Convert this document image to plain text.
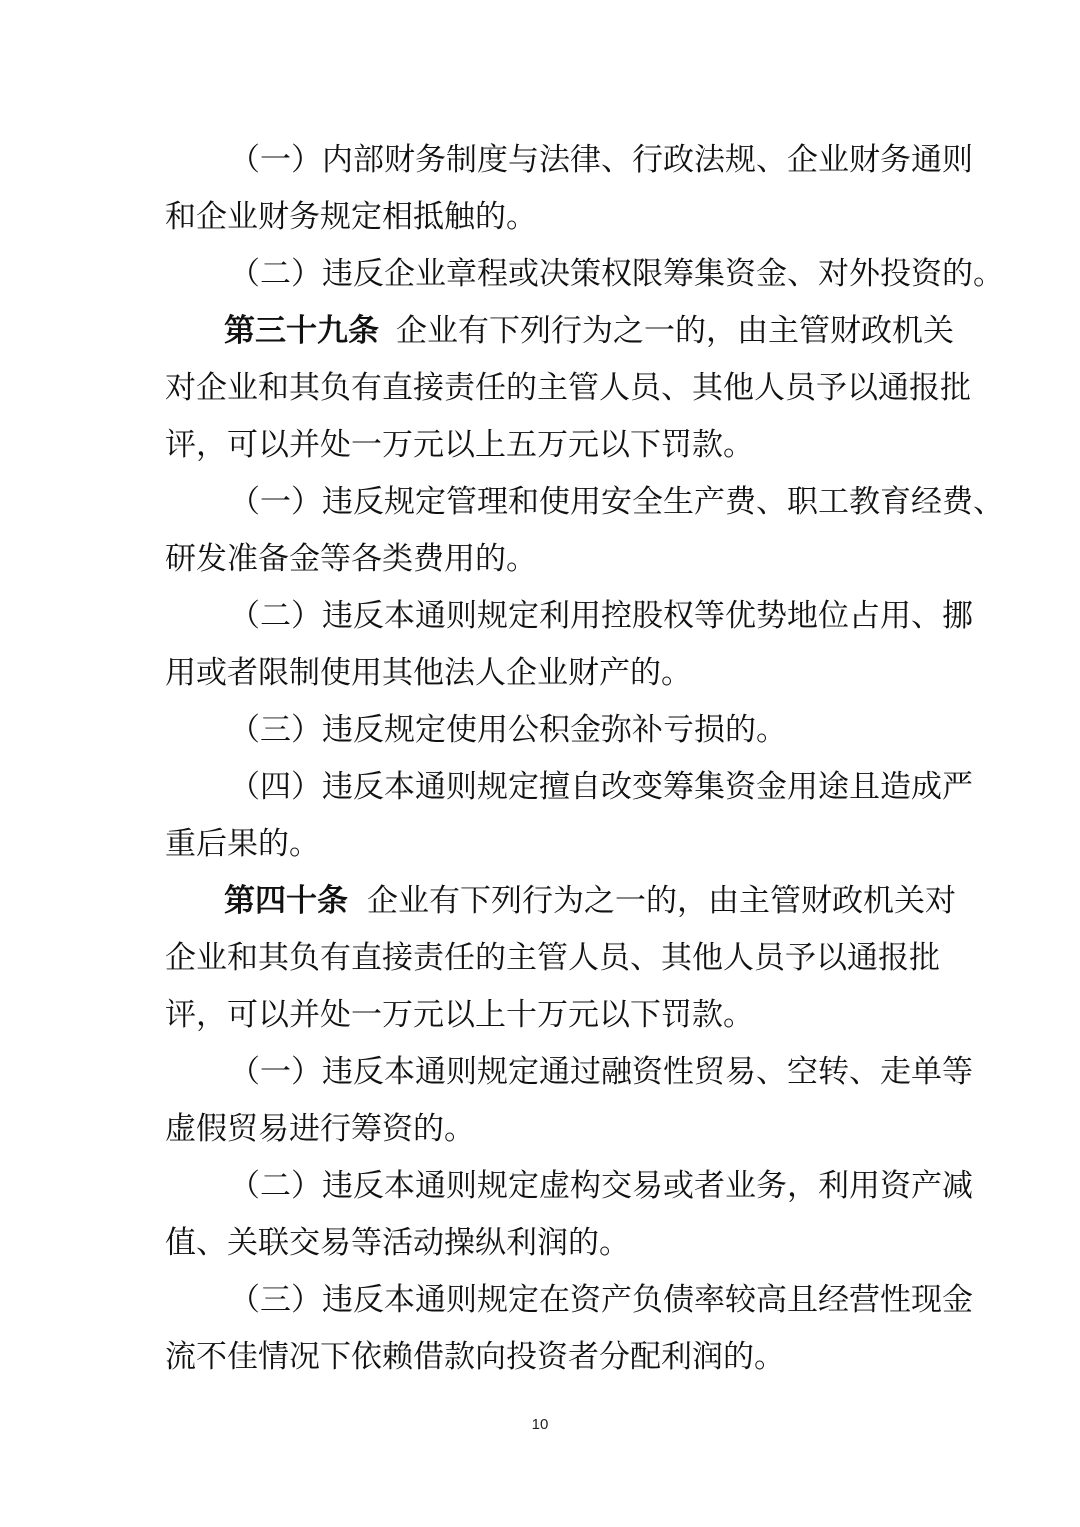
（一）内部财务制度与法律、行政法规、企业财务通则
和企业财务规定相抵触的。
（二）违反企业章程或决策权限筹集资金、对外投资的。
第三十九条 企业有下列行为之一的，由主管财政机关
对企业和其负有直接责任的主管人员、其他人员予以通报批
评，可以并处一万元以上五万元以下罚款。
（一）违反规定管理和使用安全生产费、职工教育经费、
研发准备金等各类费用的。
（二）违反本通则规定利用控股权等优势地位占用、挪
用或者限制使用其他法人企业财产的。
（三）违反规定使用公积金弥补亏损的。
（四）违反本通则规定擅自改变筹集资金用途且造成严
重后果的。
第四十条 企业有下列行为之一的，由主管财政机关对
企业和其负有直接责任的主管人员、其他人员予以通报批
评，可以并处一万元以上十万元以下罚款。
（一）违反本通则规定通过融资性贸易、空转、走单等
虚假贸易进行筹资的。
（二）违反本通则规定虚构交易或者业务，利用资产减
值、关联交易等活动操纵利润的。
（三）违反本通则规定在资产负债率较高且经营性现金
流不佳情况下依赖借款向投资者分配利润的。
10
